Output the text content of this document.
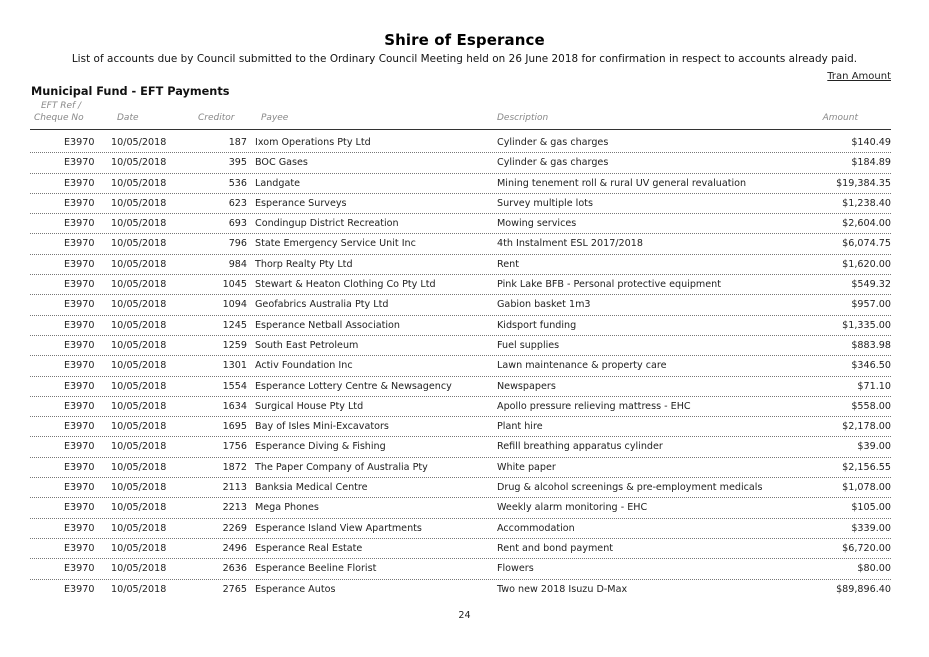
Shire of Esperance
List of accounts due by Council submitted to the Ordinary Council Meeting held on 26 June 2018 for confirmation in respect to accounts already paid.
Tran Amount
Municipal Fund - EFT Payments
EFT Ref /
Cheque No	Date	Creditor	Payee	Description	Amount
E3970 10/05/2018	187 Ixom Operations Pty Ltd	Cylinder & gas charges	$140.49
E3970 10/05/2018	395 BOC Gases	Cylinder & gas charges	$184.89
E3970 10/05/2018	536 Landgate	Mining tenement roll & rural UV general revaluation	$19,384.35
E3970 10/05/2018	623 Esperance Surveys	Survey multiple lots	$1,238.40
E3970 10/05/2018	693 Condingup District Recreation	Mowing services	$2,604.00
E3970 10/05/2018	796 State Emergency Service Unit Inc	4th Instalment ESL 2017/2018	$6,074.75
E3970 10/05/2018	984 Thorp Realty Pty Ltd	Rent	$1,620.00
E3970 10/05/2018	1045 Stewart & Heaton Clothing Co Pty Ltd	Pink Lake BFB - Personal protective equipment	$549.32
E3970 10/05/2018	1094 Geofabrics Australia Pty Ltd	Gabion basket 1m3	$957.00
E3970 10/05/2018	1245 Esperance Netball Association	Kidsport funding	$1,335.00
E3970 10/05/2018	1259 South East Petroleum	Fuel supplies	$883.98
E3970 10/05/2018	1301 Activ Foundation Inc	Lawn maintenance & property care	$346.50
E3970 10/05/2018	1554 Esperance Lottery Centre & Newsagency	Newspapers	$71.10
E3970 10/05/2018	1634 Surgical House Pty Ltd	Apollo pressure relieving mattress - EHC	$558.00
E3970 10/05/2018	1695 Bay of Isles Mini-Excavators	Plant hire	$2,178.00
E3970 10/05/2018	1756 Esperance Diving & Fishing	Refill breathing apparatus cylinder	$39.00
E3970 10/05/2018	1872 The Paper Company of Australia Pty	White paper	$2,156.55
E3970 10/05/2018	2113 Banksia Medical Centre	Drug & alcohol screenings & pre-employment medicals	$1,078.00
E3970 10/05/2018	2213 Mega Phones	Weekly alarm monitoring - EHC	$105.00
E3970 10/05/2018	2269 Esperance Island View Apartments	Accommodation	$339.00
E3970 10/05/2018	2496 Esperance Real Estate	Rent and bond payment	$6,720.00
E3970 10/05/2018	2636 Esperance Beeline Florist	Flowers	$80.00
E3970 10/05/2018	2765 Esperance Autos	Two new 2018 Isuzu D-Max	$89,896.40
24
